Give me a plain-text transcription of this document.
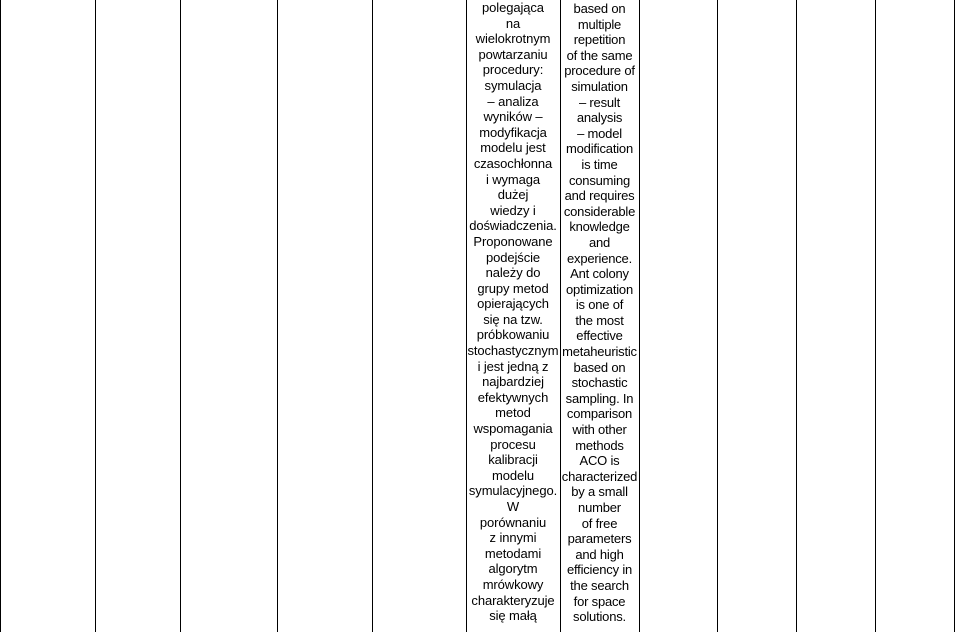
polegająca
na
wielokrotnym
powtarzaniu
procedury:
symulacja
– analiza
wyników –
modyfikacja
modelu jest
czasochłonna
i wymaga
dużej
wiedzy i
doświadczenia.
Proponowane
podejście
należy do
grupy metod
opierających
się na tzw.
próbkowaniu
stochastycznym
i jest jedną z
najbardziej
efektywnych
metod
wspomagania
procesu
kalibracji
modelu
symulacyjnego.
W
porównaniu
z innymi
metodami
algorytm
mrówkowy
charakteryzuje
się małą
based on
multiple
repetition
of the same
procedure of
simulation
– result
analysis
– model
modification
is time
consuming
and requires
considerable
knowledge
and
experience.
Ant colony
optimization
is one of
the most
effective
metaheuristic
based on
stochastic
sampling. In
comparison
with other
methods
ACO is
characterized
by a small
number
of free
parameters
and high
efficiency in
the search
for space
solutions.
